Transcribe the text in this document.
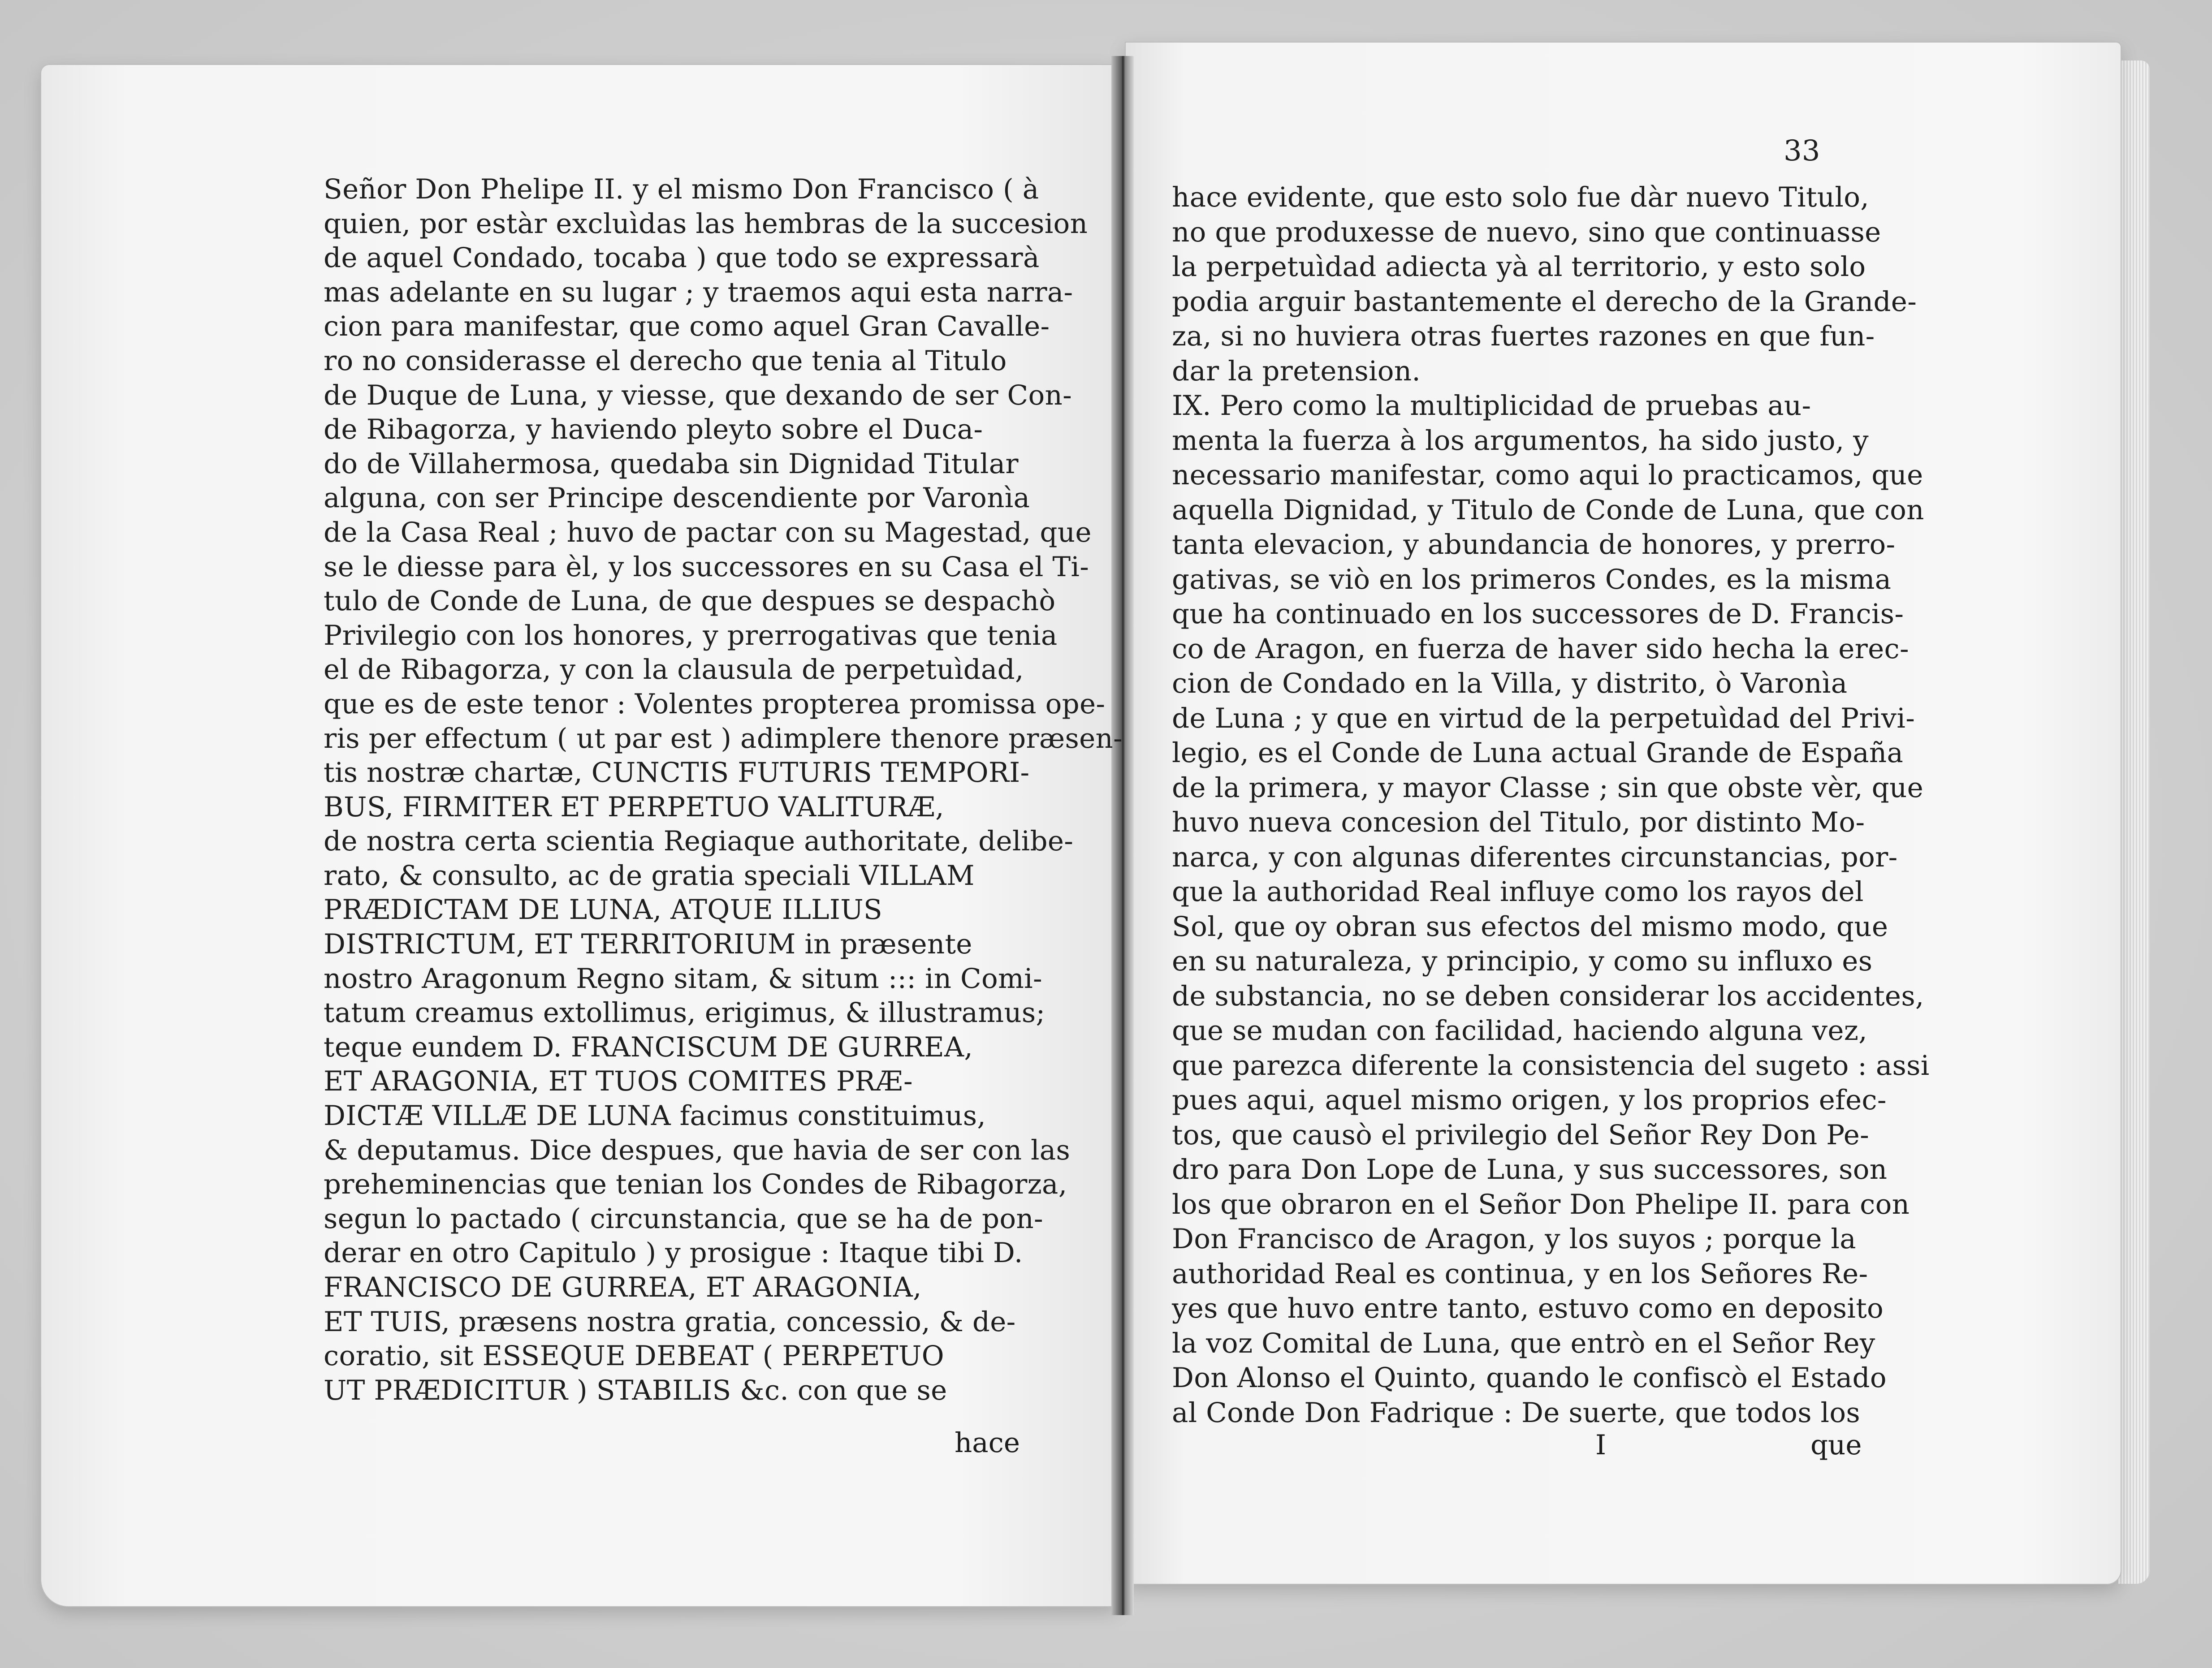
Señor Don Phelipe II. y el mismo Don Francisco ( à
quien, por estàr excluìdas las hembras de la succesion
de aquel Condado, tocaba ) que todo se expressarà
mas adelante en su lugar ; y traemos aqui esta narra-
cion para manifestar, que como aquel Gran Cavalle-
ro no considerasse el derecho que tenia al Titulo
de Duque de Luna, y viesse, que dexando de ser Con-
de Ribagorza, y haviendo pleyto sobre el Duca-
do de Villahermosa, quedaba sin Dignidad Titular
alguna, con ser Principe descendiente por Varonìa
de la Casa Real ; huvo de pactar con su Magestad, que
se le diesse para èl, y los successores en su Casa el Ti-
tulo de Conde de Luna, de que despues se despachò
Privilegio con los honores, y prerrogativas que tenia
el de Ribagorza, y con la clausula de perpetuìdad,
que es de este tenor : Volentes propterea promissa ope-
ris per effectum ( ut par est ) adimplere thenore præsen-
tis nostræ chartæ, CUNCTIS FUTURIS TEMPORI-
BUS, FIRMITER ET PERPETUO VALITURÆ,
de nostra certa scientia Regiaque authoritate, delibe-
rato, & consulto, ac de gratia speciali VILLAM
PRÆDICTAM DE LUNA, ATQUE ILLIUS
DISTRICTUM, ET TERRITORIUM in præsente
nostro Aragonum Regno sitam, & situm ::: in Comi-
tatum creamus extollimus, erigimus, & illustramus;
teque eundem D. FRANCISCUM DE GURREA,
ET ARAGONIA, ET TUOS COMITES PRÆ-
DICTÆ VILLÆ DE LUNA facimus constituimus,
& deputamus. Dice despues, que havia de ser con las
preheminencias que tenian los Condes de Ribagorza,
segun lo pactado ( circunstancia, que se ha de pon-
derar en otro Capitulo ) y prosigue : Itaque tibi D.
FRANCISCO DE GURREA, ET ARAGONIA,
ET TUIS, præsens nostra gratia, concessio, & de-
coratio, sit ESSEQUE DEBEAT ( PERPETUO
UT PRÆDICITUR ) STABILIS &c. con que se
hace
33
hace evidente, que esto solo fue dàr nuevo Titulo,
no que produxesse de nuevo, sino que continuasse
la perpetuìdad adiecta yà al territorio, y esto solo
podia arguir bastantemente el derecho de la Grande-
za, si no huviera otras fuertes razones en que fun-
dar la pretension.
IX. Pero como la multiplicidad de pruebas au-
menta la fuerza à los argumentos, ha sido justo, y
necessario manifestar, como aqui lo practicamos, que
aquella Dignidad, y Titulo de Conde de Luna, que con
tanta elevacion, y abundancia de honores, y prerro-
gativas, se viò en los primeros Condes, es la misma
que ha continuado en los successores de D. Francis-
co de Aragon, en fuerza de haver sido hecha la erec-
cion de Condado en la Villa, y distrito, ò Varonìa
de Luna ; y que en virtud de la perpetuìdad del Privi-
legio, es el Conde de Luna actual Grande de España
de la primera, y mayor Classe ; sin que obste vèr, que
huvo nueva concesion del Titulo, por distinto Mo-
narca, y con algunas diferentes circunstancias, por-
que la authoridad Real influye como los rayos del
Sol, que oy obran sus efectos del mismo modo, que
en su naturaleza, y principio, y como su influxo es
de substancia, no se deben considerar los accidentes,
que se mudan con facilidad, haciendo alguna vez,
que parezca diferente la consistencia del sugeto : assi
pues aqui, aquel mismo origen, y los proprios efec-
tos, que causò el privilegio del Señor Rey Don Pe-
dro para Don Lope de Luna, y sus successores, son
los que obraron en el Señor Don Phelipe II. para con
Don Francisco de Aragon, y los suyos ; porque la
authoridad Real es continua, y en los Señores Re-
yes que huvo entre tanto, estuvo como en deposito
la voz Comital de Luna, que entrò en el Señor Rey
Don Alonso el Quinto, quando le confiscò el Estado
al Conde Don Fadrique : De suerte, que todos los
I	que
